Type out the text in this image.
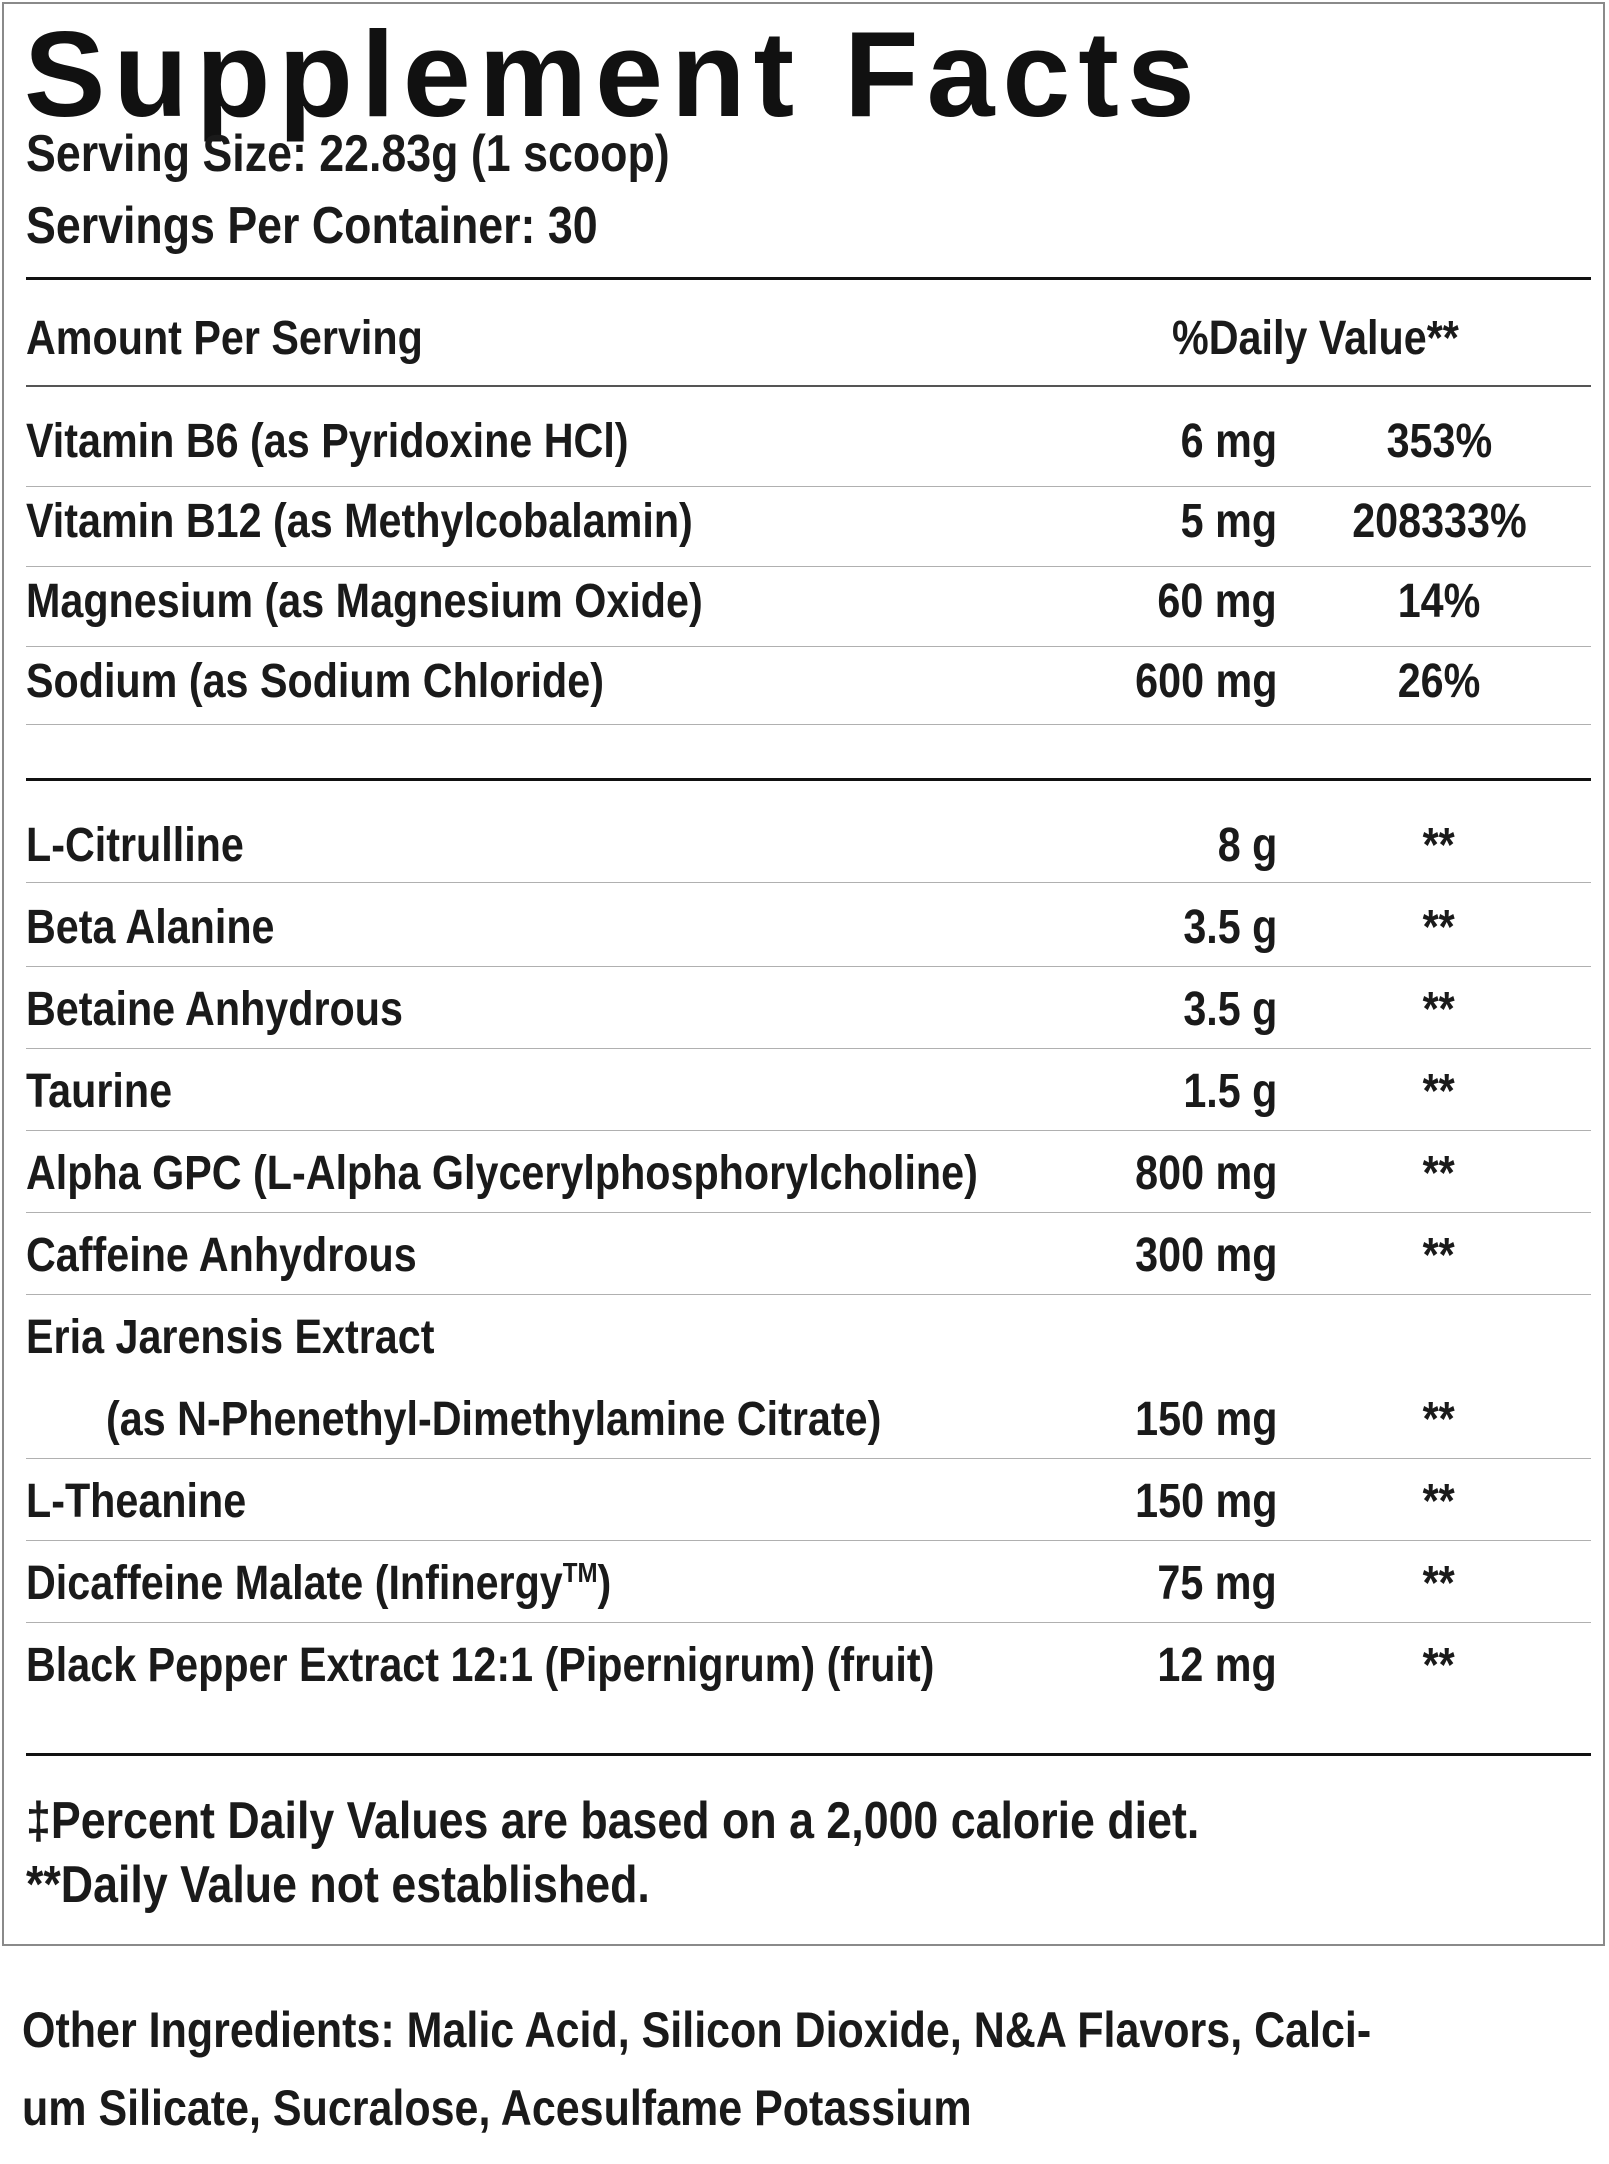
Supplement Facts
Serving Size: 22.83g (1 scoop)
Servings Per Container: 30
Amount Per Serving	%Daily Value**
Vitamin B6 (as Pyridoxine HCl)	6 mg	353%
Vitamin B12 (as Methylcobalamin)	5 mg	208333%
Magnesium (as Magnesium Oxide)	60 mg	14%
Sodium (as Sodium Chloride)	600 mg	26%
L-Citrulline	8 g	**
Beta Alanine	3.5 g	**
Betaine Anhydrous	3.5 g	**
Taurine	1.5 g	**
Alpha GPC (L-Alpha Glycerylphosphorylcholine)	800 mg	**
Caffeine Anhydrous	300 mg	**
Eria Jarensis Extract
(as N-Phenethyl-Dimethylamine Citrate)	150 mg	**
L-Theanine	150 mg	**
Dicaffeine Malate (Infinergy™)	75 mg	**
Black Pepper Extract 12:1 (Pipernigrum) (fruit)	12 mg	**
‡Percent Daily Values are based on a 2,000 calorie diet.
**Daily Value not established.
Other Ingredients: Malic Acid, Silicon Dioxide, N&A Flavors, Calci-
um Silicate, Sucralose, Acesulfame Potassium
